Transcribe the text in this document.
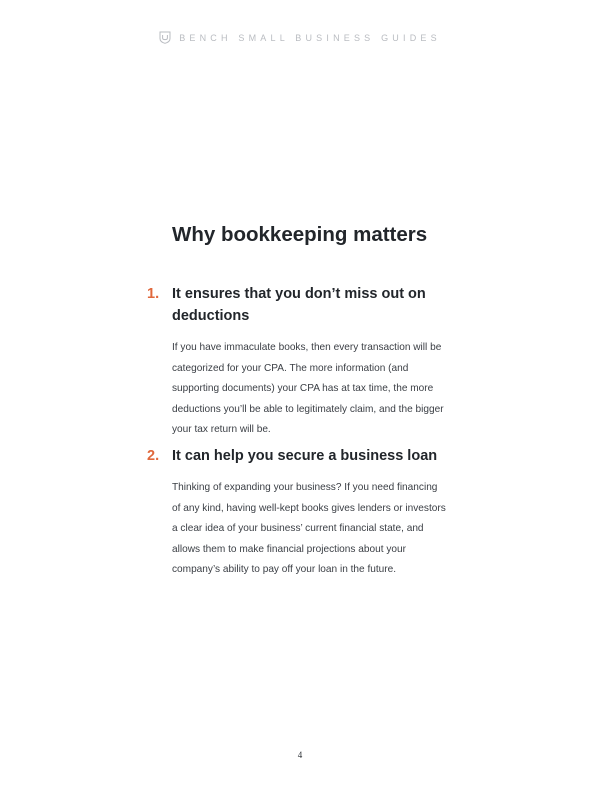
BENCH SMALL BUSINESS GUIDES
Why bookkeeping matters
1. It ensures that you don’t miss out on deductions

If you have immaculate books, then every transaction will be categorized for your CPA. The more information (and supporting documents) your CPA has at tax time, the more deductions you’ll be able to legitimately claim, and the bigger your tax return will be.

2. It can help you secure a business loan

Thinking of expanding your business? If you need financing of any kind, having well-kept books gives lenders or investors a clear idea of your business’ current financial state, and allows them to make financial projections about your company’s ability to pay off your loan in the future.

4
